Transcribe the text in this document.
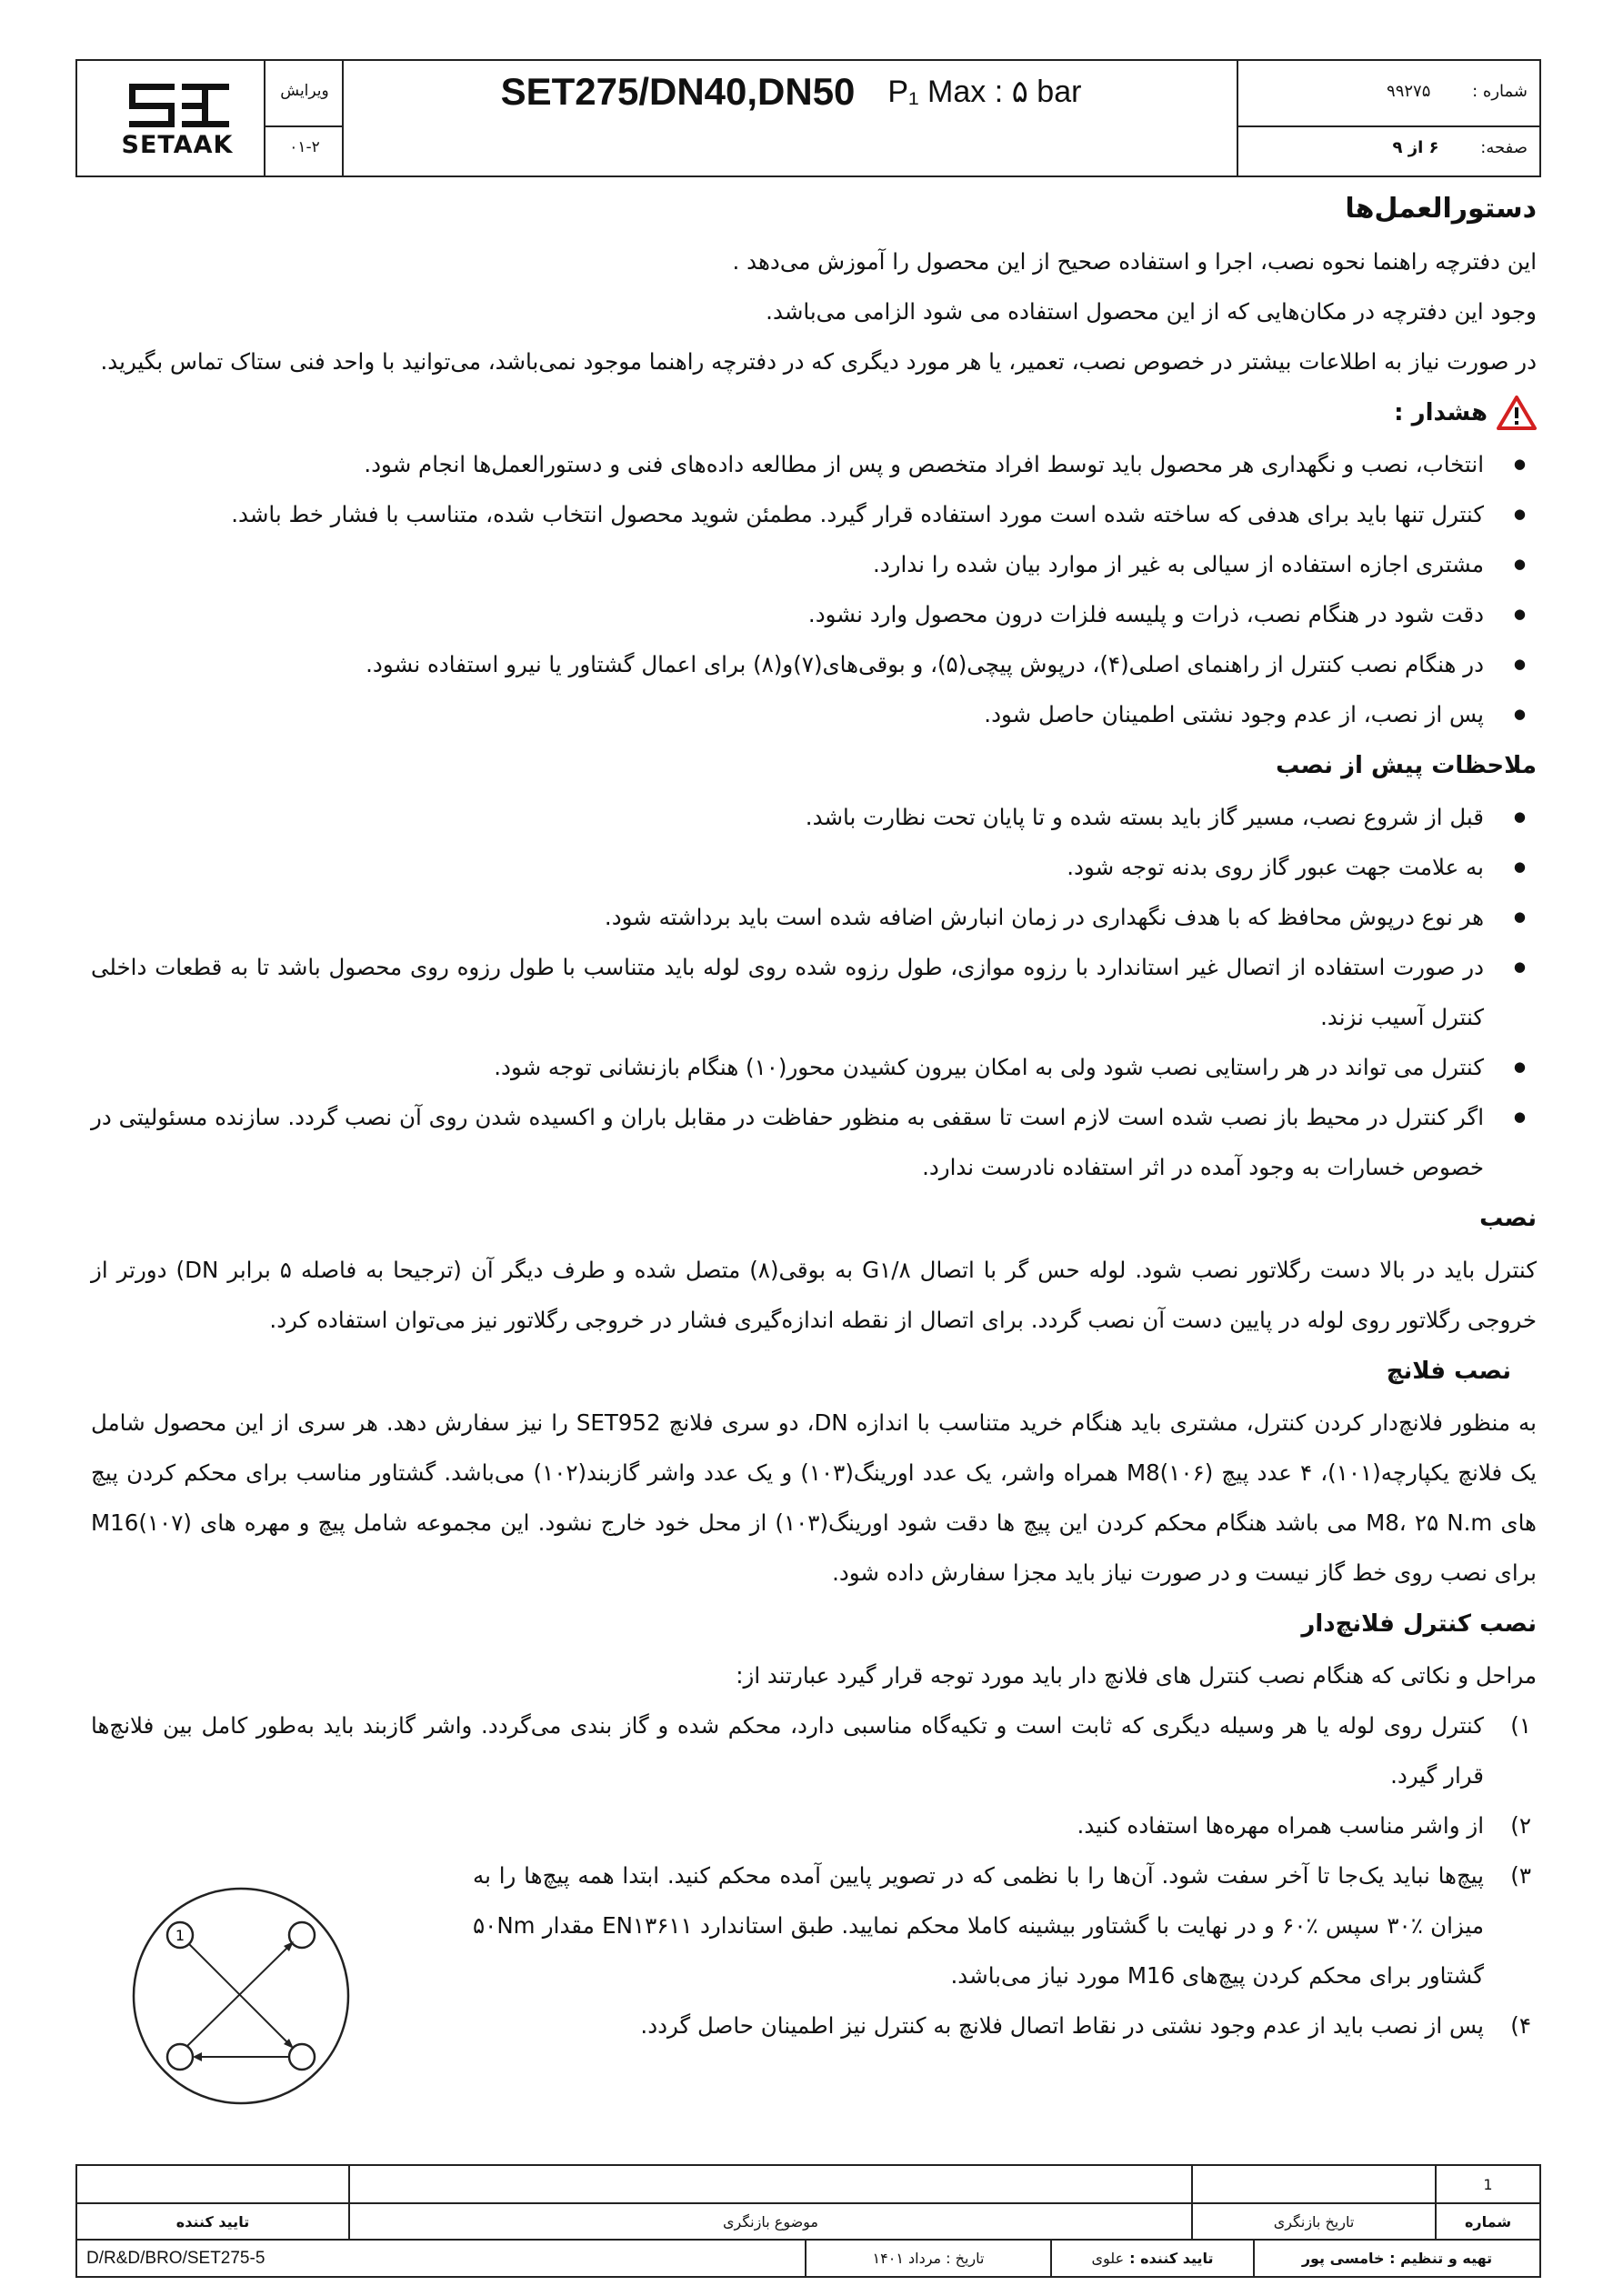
SETAAK
ویرایش
۰۱-۲
SET275/DN40,DN50 P₁ Max : ۵ bar	شماره : ۹۹۲۷۵
صفحه: ۶ از ۹
دستورالعمل‌ها

این دفترچه راهنما نحوه نصب، اجرا و استفاده صحیح از این محصول را آموزش می‌دهد .

وجود این دفترچه در مکان‌هایی که از این محصول استفاده می شود الزامی می‌باشد.

در صورت نیاز به اطلاعات بیشتر در خصوص نصب، تعمیر، یا هر مورد دیگری که در دفترچه راهنما موجود نمی‌باشد، می‌توانید با واحد فنی ستاک تماس بگیرید.

هشدار :
● انتخاب، نصب و نگهداری هر محصول باید توسط افراد متخصص و پس از مطالعه داده‌های فنی و دستورالعمل‌ها انجام شود.
● کنترل تنها باید برای هدفی که ساخته شده است مورد استفاده قرار گیرد. مطمئن شوید محصول انتخاب شده، متناسب با فشار خط باشد.
● مشتری اجازه استفاده از سیالی به غیر از موارد بیان شده را ندارد.
● دقت شود در هنگام نصب، ذرات و پلیسه فلزات درون محصول وارد نشود.
● در هنگام نصب کنترل از راهنمای اصلی(۴)، درپوش پیچی(۵)، و بوقی‌های(۷)و(۸) برای اعمال گشتاور یا نیرو استفاده نشود.
● پس از نصب، از عدم وجود نشتی اطمینان حاصل شود.
ملاحظات پیش از نصب
● قبل از شروع نصب، مسیر گاز باید بسته شده و تا پایان تحت نظارت باشد.
● به علامت جهت عبور گاز روی بدنه توجه شود.
● هر نوع درپوش محافظ که با هدف نگهداری در زمان انبارش اضافه شده است باید برداشته شود.
● در صورت استفاده از اتصال غیر استاندارد با رزوه موازی، طول رزوه شده روی لوله باید متناسب با طول رزوه روی محصول باشد تا به قطعات داخلی کنترل آسیب نزند.
● کنترل می تواند در هر راستایی نصب شود ولی به امکان بیرون کشیدن محور(۱۰) هنگام بازنشانی توجه شود.
● اگر کنترل در محیط باز نصب شده است لازم است تا سقفی به منظور حفاظت در مقابل باران و اکسیده شدن روی آن نصب گردد. سازنده مسئولیتی در خصوص خسارات به وجود آمده در اثر استفاده نادرست ندارد.
نصب

کنترل باید در بالا دست رگلاتور نصب شود. لوله حس گر با اتصال G۱/۸ به بوقی(۸) متصل شده و طرف دیگر آن (ترجیحا به فاصله ۵ برابر DN) دورتر از خروجی رگلاتور روی لوله در پایین دست آن نصب گردد. برای اتصال از نقطه اندازه‌گیری فشار در خروجی رگلاتور نیز می‌توان استفاده کرد.

نصب فلانچ

به منظور فلانچ‌دار کردن کنترل، مشتری باید هنگام خرید متناسب با اندازه DN، دو سری فلانچ SET952 را نیز سفارش دهد. هر سری از این محصول شامل یک فلانچ یکپارچه(۱۰۱)، ۴ عدد پیچ M8(۱۰۶) همراه واشر، یک عدد اورینگ(۱۰۳) و یک عدد واشر گازبند(۱۰۲) می‌باشد. گشتاور مناسب برای محکم کردن پیچ های M8، ۲۵ N.m می باشد هنگام محکم کردن این پیچ ها دقت شود اورینگ(۱۰۳) از محل خود خارج نشود. این مجموعه شامل پیچ و مهره های M16(۱۰۷) برای نصب روی خط گاز نیست و در صورت نیاز باید مجزا سفارش داده شود.

نصب کنترل فلانچ‌دار

مراحل و نکاتی که هنگام نصب کنترل های فلانچ دار باید مورد توجه قرار گیرد عبارتند از:

۱)
کنترل روی لوله یا هر وسیله دیگری که ثابت است و تکیه‌گاه مناسبی دارد، محکم شده و گاز بندی می‌گردد. واشر گازبند باید به‌طور کامل بین فلانچ‌ها قرار گیرد.
۲)
از واشر مناسب همراه مهره‌ها استفاده کنید.
۳)
پیچ‌ها نباید یک‌جا تا آخر سفت شود. آن‌ها را با نظمی که در تصویر پایین آمده محکم کنید. ابتدا همه پیچ‌ها را به میزان ٪۳۰ سپس ٪۶۰ و در نهایت با گشتاور بیشینه کاملا محکم نمایید. طبق استاندارد EN۱۳۶۱۱ مقدار ۵۰Nm گشتاور برای محکم کردن پیچ‌های M16 مورد نیاز می‌باشد.
۴)
پس از نصب باید از عدم وجود نشتی در نقاط اتصال فلانچ به کنترل نیز اطمینان حاصل گردد.
1
1
شماره
تاریخ بازنگری
موضوع بازنگری
تایید کننده
تهیه و تنظیم : خامسی پور
تایید کننده :
علوی
تاریخ : مرداد ۱۴۰۱
D/R&D/BRO/SET275-5
